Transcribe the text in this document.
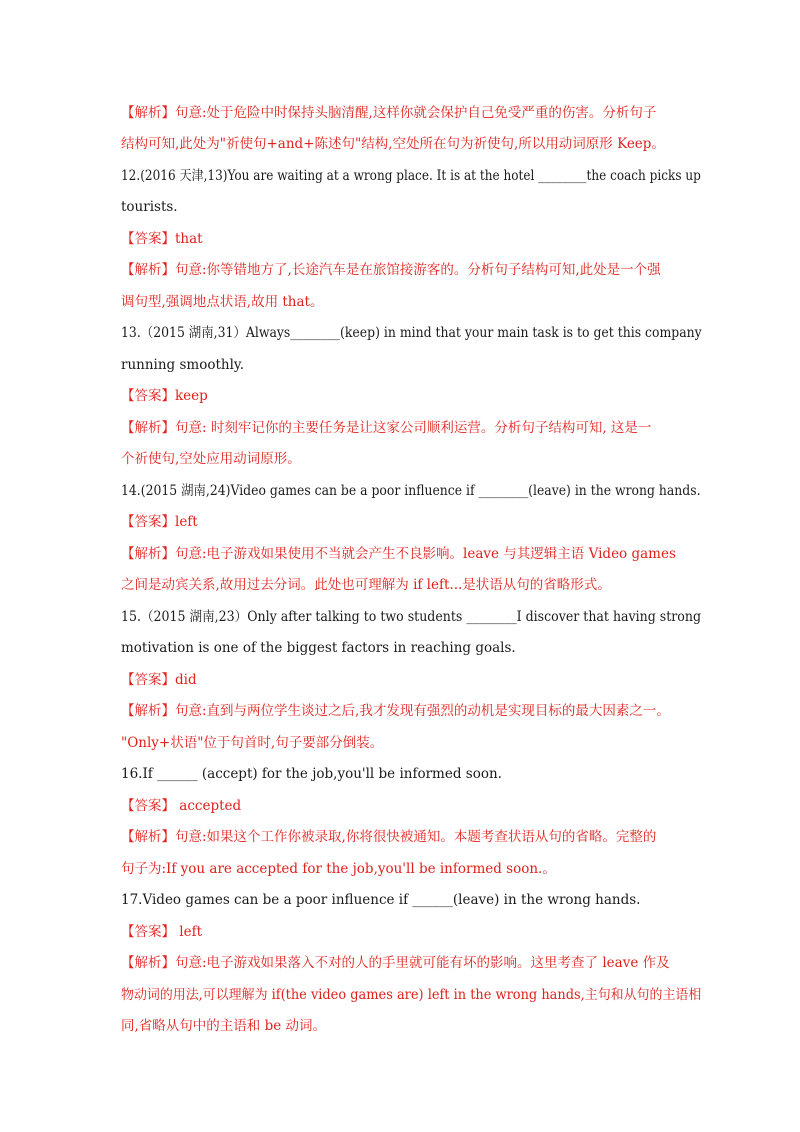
【解析】句意:处于危险中时保持头脑清醒,这样你就会保护自己免受严重的伤害。分析句子
结构可知,此处为"祈使句+and+陈述句"结构,空处所在句为祈使句,所以用动词原形 Keep。
12.(2016 天津,13)You are waiting at a wrong place. It is at the hotel ________the coach picks up
tourists.
【答案】that
【解析】句意:你等错地方了,长途汽车是在旅馆接游客的。分析句子结构可知,此处是一个强
调句型,强调地点状语,故用 that。
13.（2015 湖南,31）Always________(keep) in mind that your main task is to get this company
running smoothly.
【答案】keep
【解析】句意: 时刻牢记你的主要任务是让这家公司顺利运营。分析句子结构可知, 这是一
个祈使句,空处应用动词原形。
14.(2015 湖南,24)Video games can be a poor influence if ________(leave) in the wrong hands.
【答案】left
【解析】句意:电子游戏如果使用不当就会产生不良影响。leave 与其逻辑主语 Video games
之间是动宾关系,故用过去分词。此处也可理解为 if left...是状语从句的省略形式。
15.（2015 湖南,23）Only after talking to two students ________I discover that having strong
motivation is one of the biggest factors in reaching goals.
【答案】did
【解析】句意:直到与两位学生谈过之后,我才发现有强烈的动机是实现目标的最大因素之一。
"Only+状语"位于句首时,句子要部分倒装。
16.If ______ (accept) for the job,you'll be informed soon.
【答案】 accepted
【解析】句意:如果这个工作你被录取,你将很快被通知。本题考查状语从句的省略。完整的
句子为:If you are accepted for the job,you'll be informed soon.。
17.Video games can be a poor influence if ______(leave) in the wrong hands.
【答案】 left
【解析】句意:电子游戏如果落入不对的人的手里就可能有坏的影响。这里考查了 leave 作及
物动词的用法,可以理解为 if(the video games are) left in the wrong hands,主句和从句的主语相
同,省略从句中的主语和 be 动词。
